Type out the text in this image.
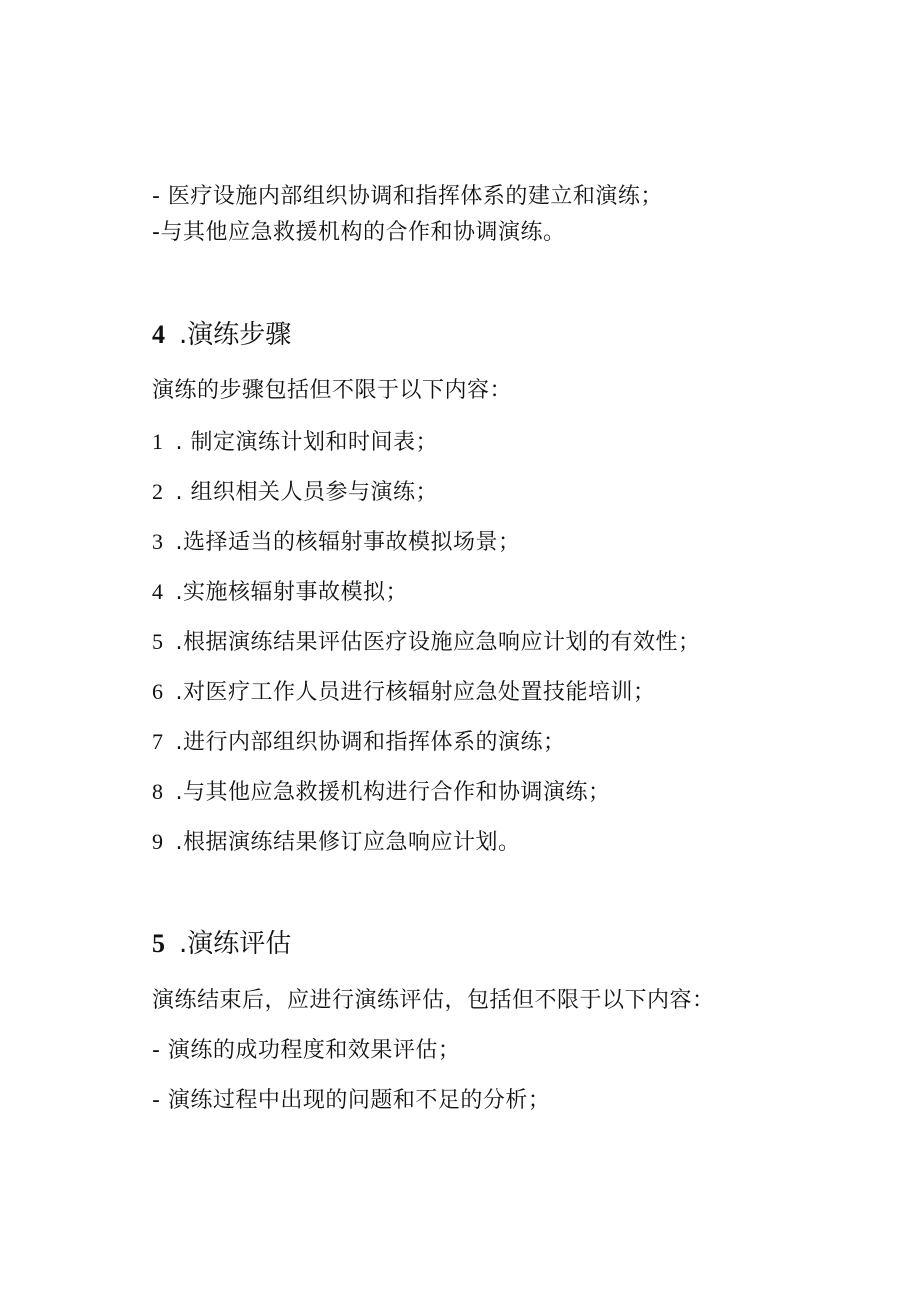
- 医疗设施内部组织协调和指挥体系的建立和演练；
-与其他应急救援机构的合作和协调演练。
4 .演练步骤
演练的步骤包括但不限于以下内容：
1 . 制定演练计划和时间表；
2 . 组织相关人员参与演练；
3 .选择适当的核辐射事故模拟场景；
4 .实施核辐射事故模拟；
5 .根据演练结果评估医疗设施应急响应计划的有效性；
6 .对医疗工作人员进行核辐射应急处置技能培训；
7 .进行内部组织协调和指挥体系的演练；
8 .与其他应急救援机构进行合作和协调演练；
9 .根据演练结果修订应急响应计划。
5 .演练评估
演练结束后，应进行演练评估，包括但不限于以下内容：
- 演练的成功程度和效果评估；
- 演练过程中出现的问题和不足的分析；
